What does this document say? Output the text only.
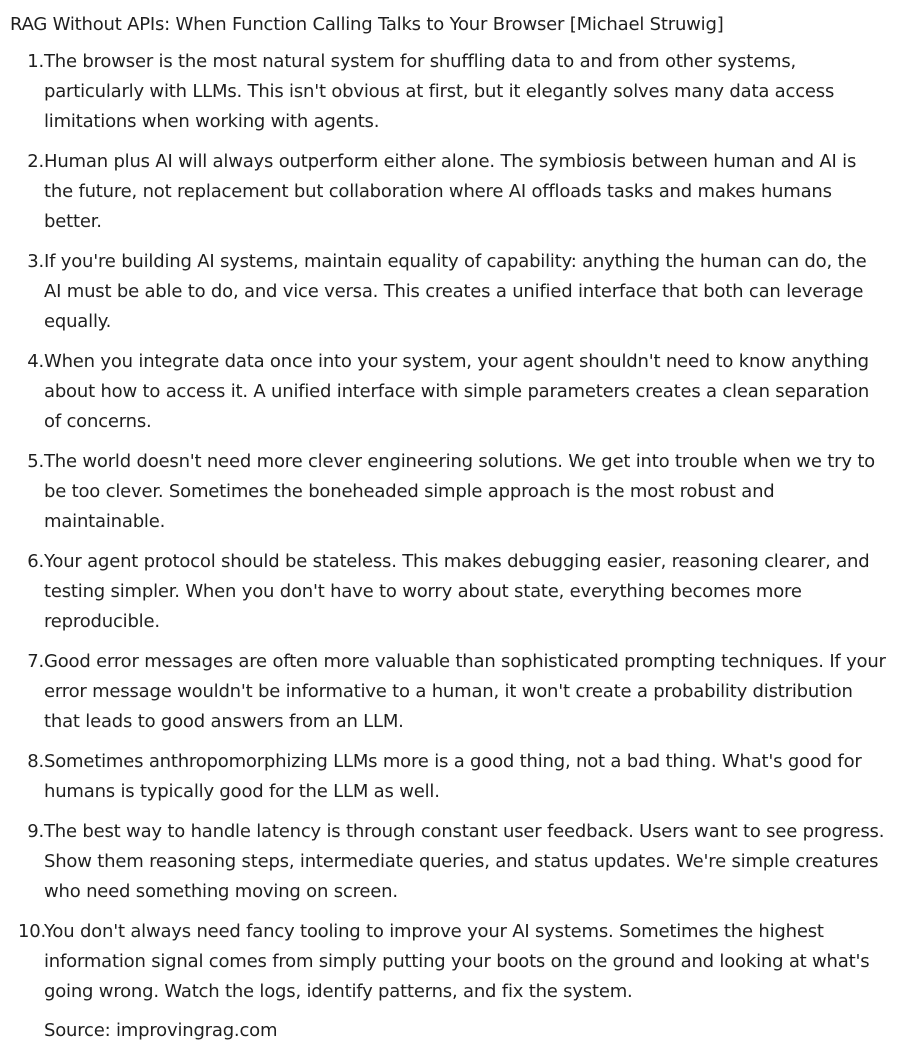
RAG Without APIs: When Function Calling Talks to Your Browser [Michael Struwig]
1. The browser is the most natural system for shuffling data to and from other systems, particularly with LLMs. This isn't obvious at first, but it elegantly solves many data access limitations when working with agents.
2. Human plus AI will always outperform either alone. The symbiosis between human and AI is the future, not replacement but collaboration where AI offloads tasks and makes humans better.
3. If you're building AI systems, maintain equality of capability: anything the human can do, the AI must be able to do, and vice versa. This creates a unified interface that both can leverage equally.
4. When you integrate data once into your system, your agent shouldn't need to know anything about how to access it. A unified interface with simple parameters creates a clean separation of concerns.
5. The world doesn't need more clever engineering solutions. We get into trouble when we try to be too clever. Sometimes the boneheaded simple approach is the most robust and maintainable.
6. Your agent protocol should be stateless. This makes debugging easier, reasoning clearer, and testing simpler. When you don't have to worry about state, everything becomes more reproducible.
7. Good error messages are often more valuable than sophisticated prompting techniques. If your error message wouldn't be informative to a human, it won't create a probability distribution that leads to good answers from an LLM.
8. Sometimes anthropomorphizing LLMs more is a good thing, not a bad thing. What's good for humans is typically good for the LLM as well.
9. The best way to handle latency is through constant user feedback. Users want to see progress. Show them reasoning steps, intermediate queries, and status updates. We're simple creatures who need something moving on screen.
10.
You don't always need fancy tooling to improve your AI systems. Sometimes the highest information signal comes from simply putting your boots on the ground and looking at what's going wrong. Watch the logs, identify patterns, and fix the system.
Source: improvingrag.com
